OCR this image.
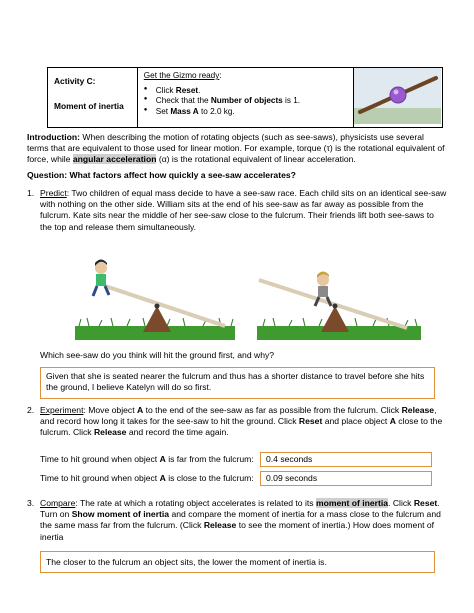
Activity C:
Moment of inertia

Get the Gizmo ready:
● Click Reset.
● Check that the Number of objects is 1.
● Set Mass A to 2.0 kg.

Introduction: When describing the motion of rotating objects (such as see-saws), physicists use several terms that are equivalent to those used for linear motion. For example, torque (τ) is the rotational equivalent of force, while angular acceleration (α) is the rotational equivalent of linear acceleration.
Question: What factors affect how quickly a see-saw accelerates?
1. Predict: Two children of equal mass decide to have a see-saw race. Each child sits on an identical see-saw with nothing on the other side. William sits at the end of his see-saw as far away as possible from the fulcrum. Kate sits near the middle of her see-saw close to the fulcrum. Their friends lift both see-saws to the top and release them simultaneously.
Which see-saw do you think will hit the ground first, and why?
Given that she is seated nearer the fulcrum and thus has a shorter distance to travel before she hits the ground, I believe Katelyn will do so first.
2. Experiment: Move object A to the end of the see-saw as far as possible from the fulcrum. Click Release, and record how long it takes for the see-saw to hit the ground. Click Reset and place object A close to the fulcrum. Click Release and record the time again.
Time to hit ground when object A is far from the fulcrum:	0.4 seconds
Time to hit ground when object A is close to the fulcrum:	0.09 seconds
3. Compare: The rate at which a rotating object accelerates is related to its moment of inertia. Click Reset. Turn on Show moment of inertia and compare the moment of inertia for a mass close to the fulcrum and the same mass far from the fulcrum. (Click Release to see the moment of inertia.) How does moment of inertia
The closer to the fulcrum an object sits, the lower the moment of inertia is.
